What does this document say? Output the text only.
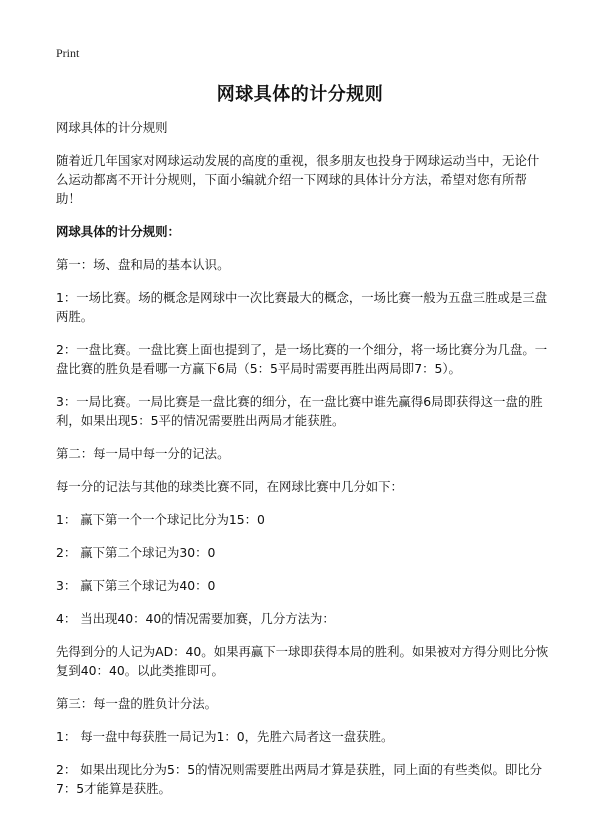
Print
网球具体的计分规则

网球具体的计分规则

随着近几年国家对网球运动发展的高度的重视，很多朋友也投身于网球运动当中，无论什么运动都离不开计分规则，下面小编就介绍一下网球的具体计分方法，希望对您有所帮助！

网球具体的计分规则：

第一：场、盘和局的基本认识。

1：一场比赛。场的概念是网球中一次比赛最大的概念，一场比赛一般为五盘三胜或是三盘两胜。

2：一盘比赛。一盘比赛上面也提到了，是一场比赛的一个细分，将一场比赛分为几盘。一盘比赛的胜负是看哪一方赢下6局（5：5平局时需要再胜出两局即7：5）。

3：一局比赛。一局比赛是一盘比赛的细分，在一盘比赛中谁先赢得6局即获得这一盘的胜利，如果出现5：5平的情况需要胜出两局才能获胜。

第二：每一局中每一分的记法。

每一分的记法与其他的球类比赛不同，在网球比赛中几分如下：

1： 赢下第一个一个球记比分为15：0

2： 赢下第二个球记为30：0

3： 赢下第三个球记为40：0

4： 当出现40：40的情况需要加赛，几分方法为：

先得到分的人记为AD：40。如果再赢下一球即获得本局的胜利。如果被对方得分则比分恢复到40：40。以此类推即可。

第三：每一盘的胜负计分法。

1： 每一盘中每获胜一局记为1：0，先胜六局者这一盘获胜。

2： 如果出现比分为5：5的情况则需要胜出两局才算是获胜，同上面的有些类似。即比分7：5才能算是获胜。
